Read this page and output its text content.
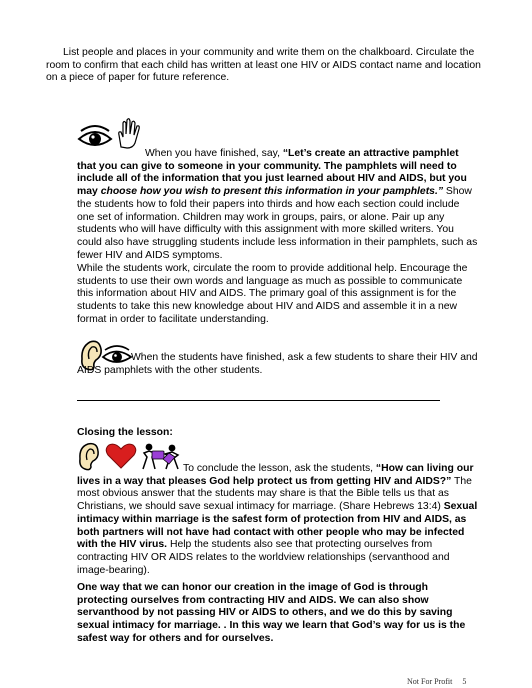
List people and places in your community and write them on the chalkboard. Circulate the room to confirm that each child has written at least one HIV or AIDS contact name and location on a piece of paper for future reference.
When you have finished, say, “Let’s create an attractive pamphlet that you can give to someone in your community. The pamphlets will need to include all of the information that you just learned about HIV and AIDS, but you may choose how you wish to present this information in your pamphlets.” Show the students how to fold their papers into thirds and how each section could include one set of information. Children may work in groups, pairs, or alone. Pair up any students who will have difficulty with this assignment with more skilled writers. You could also have struggling students include less information in their pamphlets, such as fewer HIV and AIDS symptoms.
While the students work, circulate the room to provide additional help. Encourage the students to use their own words and language as much as possible to communicate this information about HIV and AIDS. The primary goal of this assignment is for the students to take this new knowledge about HIV and AIDS and assemble it in a new format in order to facilitate understanding.
When the students have finished, ask a few students to share their HIV and AIDS pamphlets with the other students.
Closing the lesson:
To conclude the lesson, ask the students, “How can living our lives in a way that pleases God help protect us from getting HIV and AIDS?” The most obvious answer that the students may share is that the Bible tells us that as Christians, we should save sexual intimacy for marriage. (Share Hebrews 13:4) Sexual intimacy within marriage is the safest form of protection from HIV and AIDS, as both partners will not have had contact with other people who may be infected with the HIV virus. Help the students also see that protecting ourselves from contracting HIV OR AIDS relates to the worldview relationships (servanthood and image-bearing).
One way that we can honor our creation in the image of God is through protecting ourselves from contracting HIV and AIDS. We can also show servanthood by not passing HIV or AIDS to others, and we do this by saving sexual intimacy for marriage. . In this way we learn that God’s way for us is the safest way for others and for ourselves.
Not For Profit 5
